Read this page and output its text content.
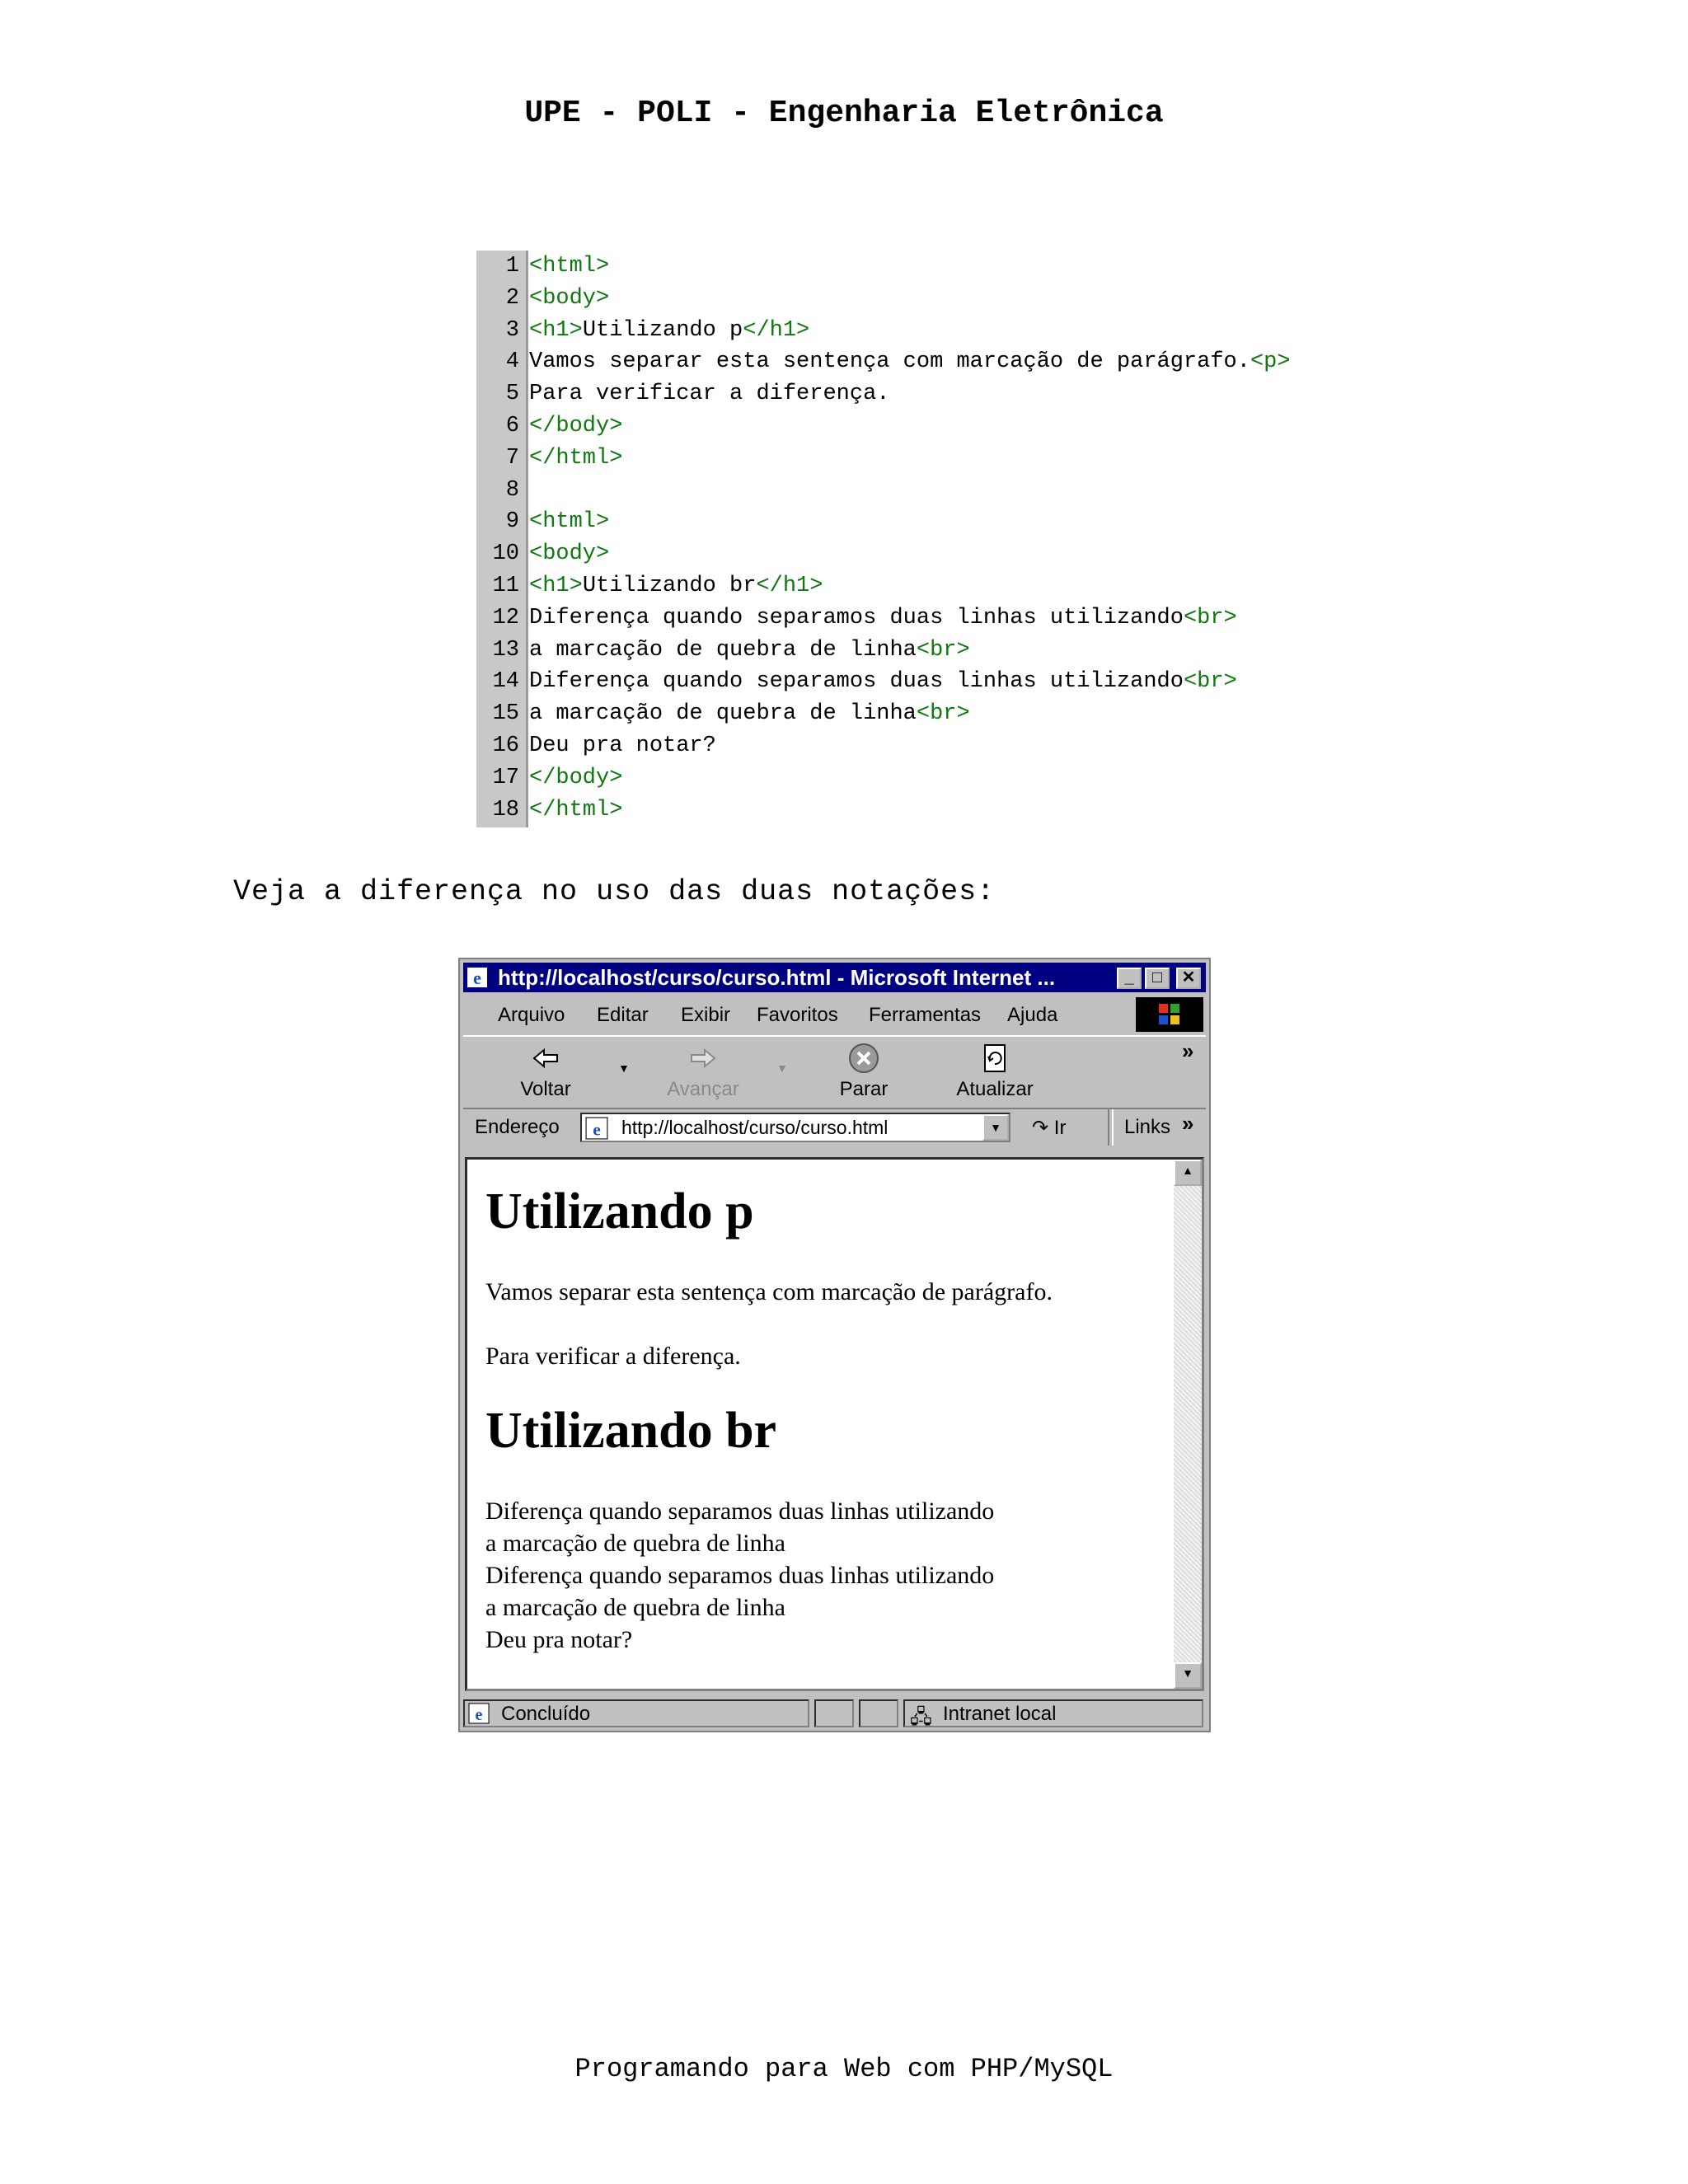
UPE - POLI - Engenharia Eletrônica
1 <html>
2 <body>
3 <h1>Utilizando p</h1>
4 Vamos separar esta sentença com marcação de parágrafo.<p>
5 Para verificar a diferença.
6 </body>
7 </html>
8
9 <html>
10 <body>
11 <h1>Utilizando br</h1>
12 Diferença quando separamos duas linhas utilizando<br>
13 a marcação de quebra de linha<br>
14 Diferença quando separamos duas linhas utilizando<br>
15 a marcação de quebra de linha<br>
16 Deu pra notar?
17 </body>
18 </html>
Veja a diferença no uso das duas notações:
e http://localhost/curso/curso.html - Microsoft Internet ...	_	□	✕
Arquivo Editar Exibir Favoritos Ferramentas Ajuda
Voltar
▼
Avançar
▼
Parar	Atualizar
»
Endereço e http://localhost/curso/curso.html	▼	↷ Ir	Links »
Utilizando p
Vamos separar esta sentença com marcação de parágrafo.
Para verificar a diferença.
Utilizando br
Diferença quando separamos duas linhas utilizando
a marcação de quebra de linha
Diferença quando separamos duas linhas utilizando
a marcação de quebra de linha
Deu pra notar?
▲
▼
e Concluído	🖧 Intranet local
Programando para Web com PHP/MySQL
